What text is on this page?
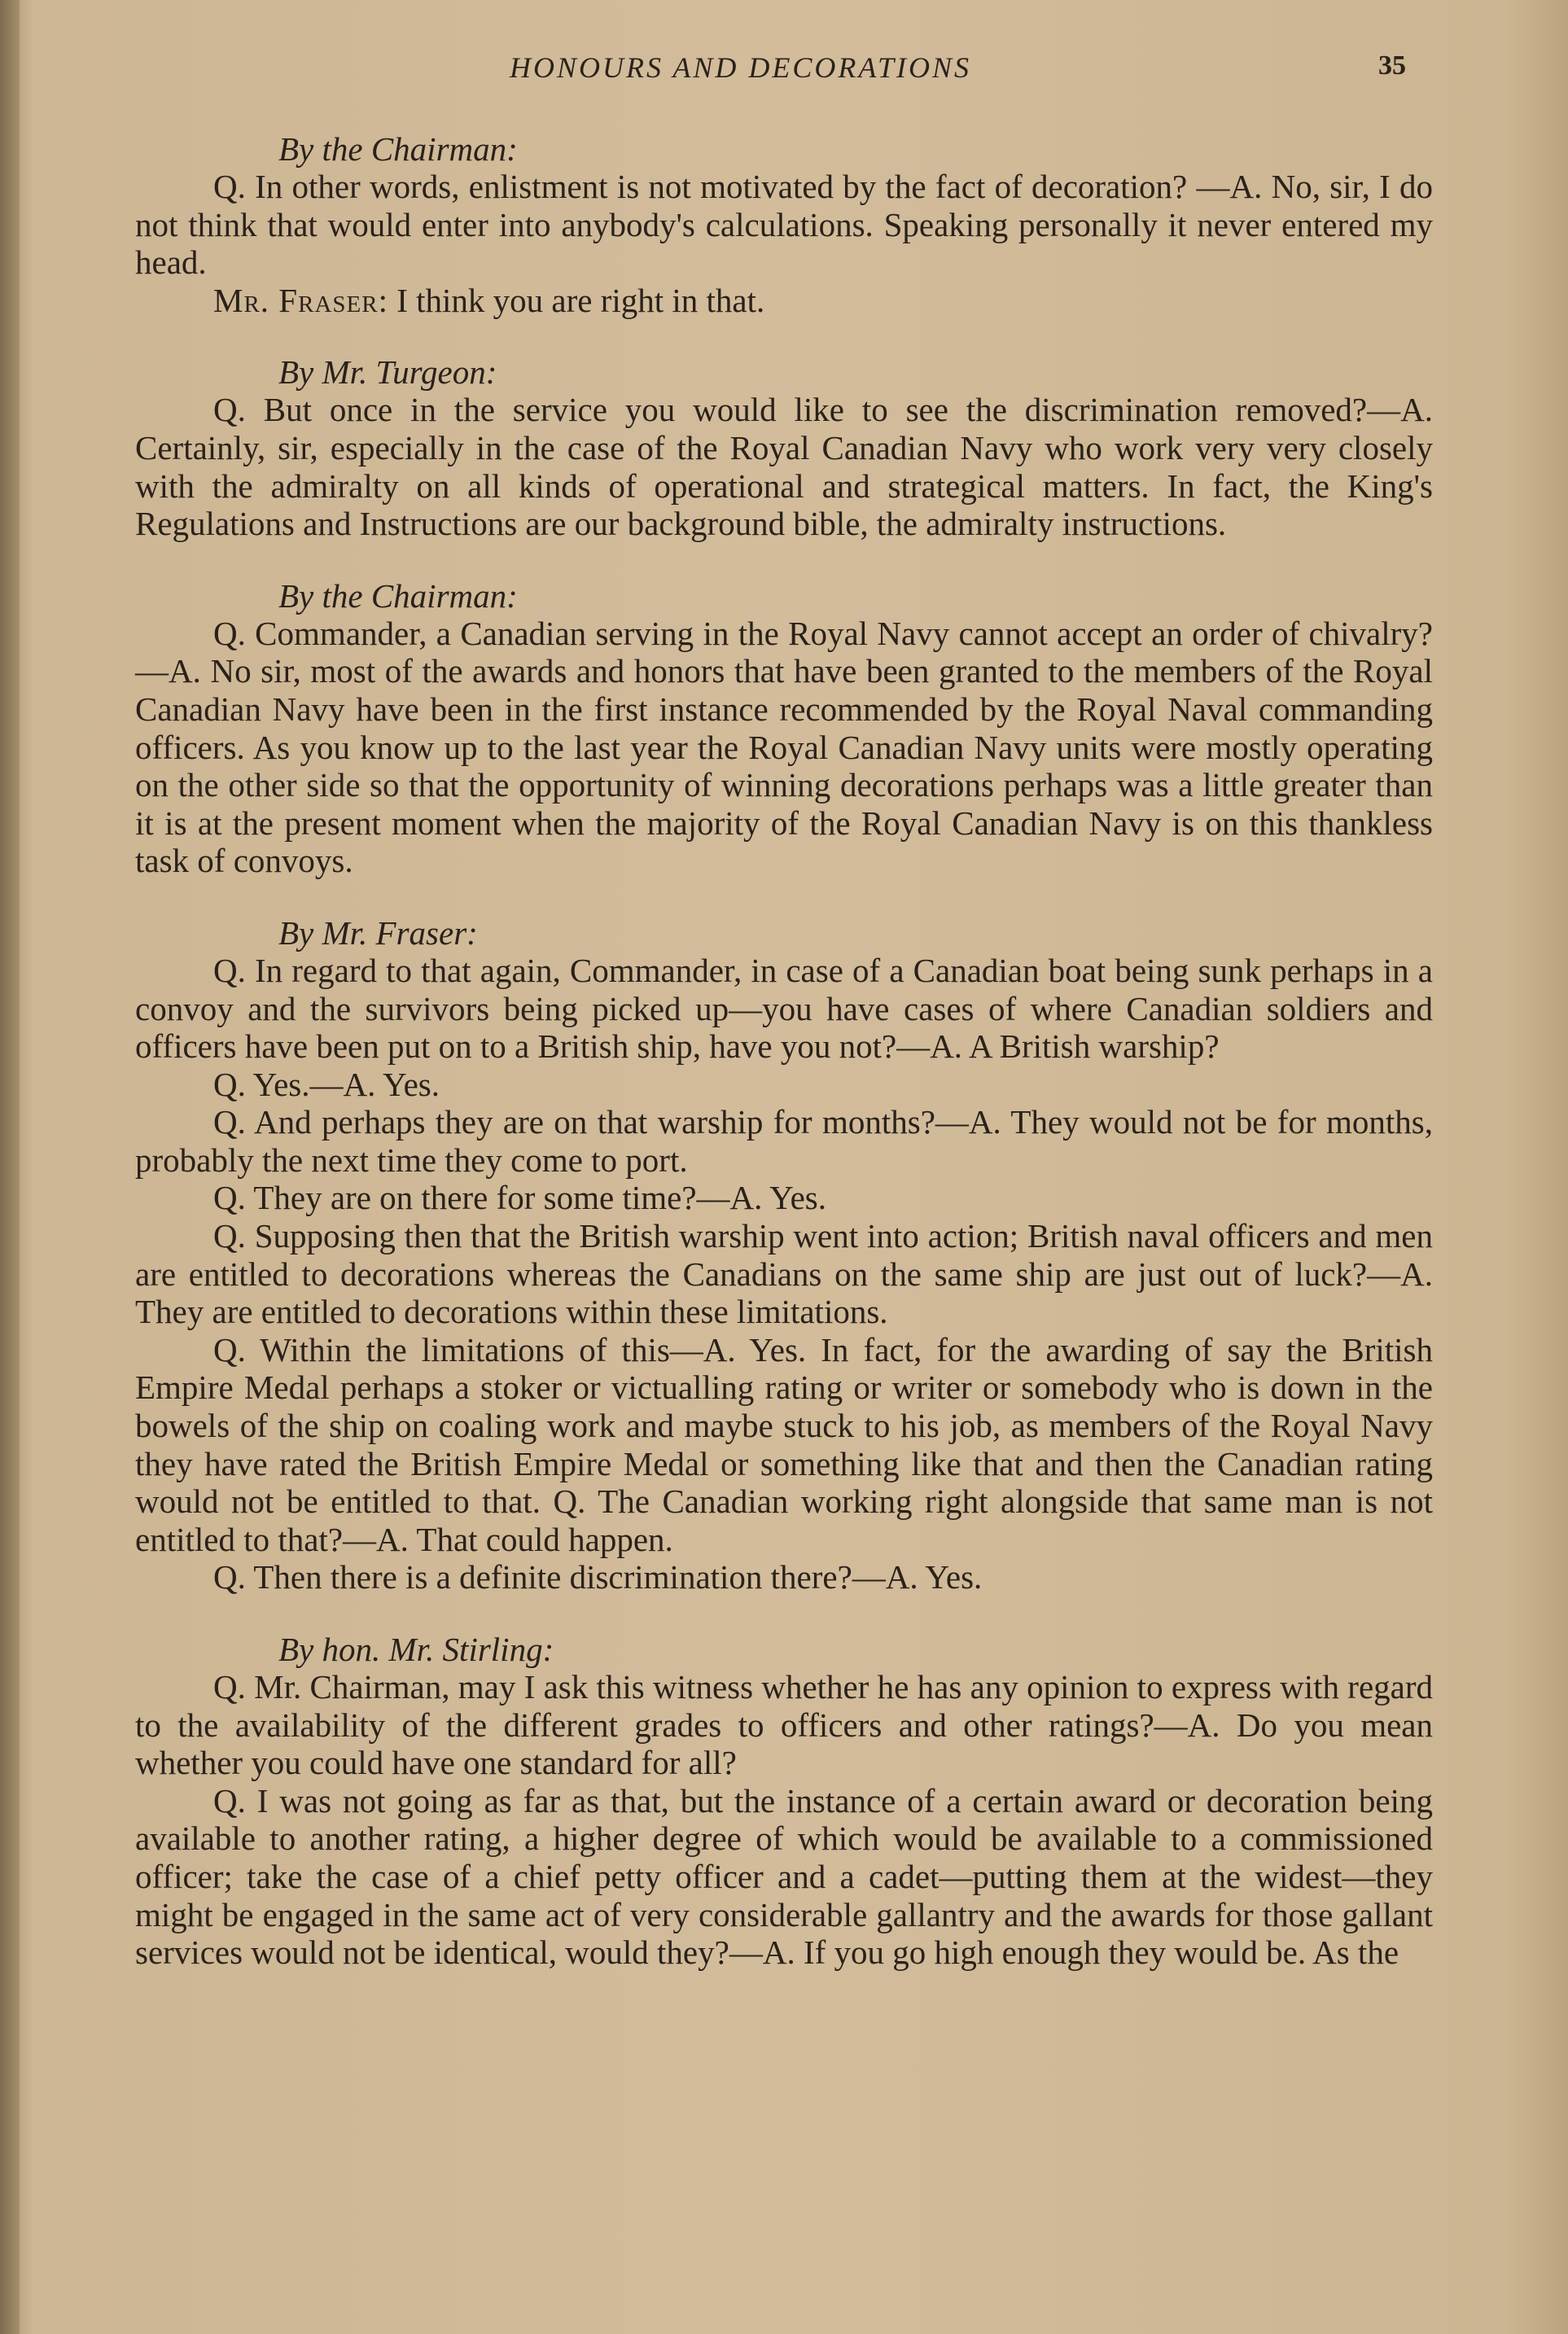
HONOURS AND DECORATIONS	35
By the Chairman:

Q. In other words, enlistment is not motivated by the fact of decoration? —A. No, sir, I do not think that would enter into anybody's calculations. Speaking personally it never entered my head.

Mr. Fraser: I think you are right in that.

By Mr. Turgeon:

Q. But once in the service you would like to see the discrimination removed?—A. Certainly, sir, especially in the case of the Royal Canadian Navy who work very very closely with the admiralty on all kinds of operational and strategical matters. In fact, the King's Regulations and Instructions are our background bible, the admiralty instructions.

By the Chairman:

Q. Commander, a Canadian serving in the Royal Navy cannot accept an order of chivalry?—A. No sir, most of the awards and honors that have been granted to the members of the Royal Canadian Navy have been in the first instance recommended by the Royal Naval commanding officers. As you know up to the last year the Royal Canadian Navy units were mostly operating on the other side so that the opportunity of winning decorations perhaps was a little greater than it is at the present moment when the majority of the Royal Canadian Navy is on this thankless task of convoys.

By Mr. Fraser:

Q. In regard to that again, Commander, in case of a Canadian boat being sunk perhaps in a convoy and the survivors being picked up—you have cases of where Canadian soldiers and officers have been put on to a British ship, have you not?—A. A British warship?

Q. Yes.—A. Yes.

Q. And perhaps they are on that warship for months?—A. They would not be for months, probably the next time they come to port.

Q. They are on there for some time?—A. Yes.

Q. Supposing then that the British warship went into action; British naval officers and men are entitled to decorations whereas the Canadians on the same ship are just out of luck?—A. They are entitled to decorations within these limitations.

Q. Within the limitations of this—A. Yes. In fact, for the awarding of say the British Empire Medal perhaps a stoker or victualling rating or writer or somebody who is down in the bowels of the ship on coaling work and maybe stuck to his job, as members of the Royal Navy they have rated the British Empire Medal or something like that and then the Canadian rating would not be entitled to that. Q. The Canadian working right alongside that same man is not entitled to that?—A. That could happen.

Q. Then there is a definite discrimination there?—A. Yes.

By hon. Mr. Stirling:

Q. Mr. Chairman, may I ask this witness whether he has any opinion to express with regard to the availability of the different grades to officers and other ratings?—A. Do you mean whether you could have one standard for all?

Q. I was not going as far as that, but the instance of a certain award or decoration being available to another rating, a higher degree of which would be available to a commissioned officer; take the case of a chief petty officer and a cadet—putting them at the widest—they might be engaged in the same act of very considerable gallantry and the awards for those gallant services would not be identical, would they?—A. If you go high enough they would be. As the
